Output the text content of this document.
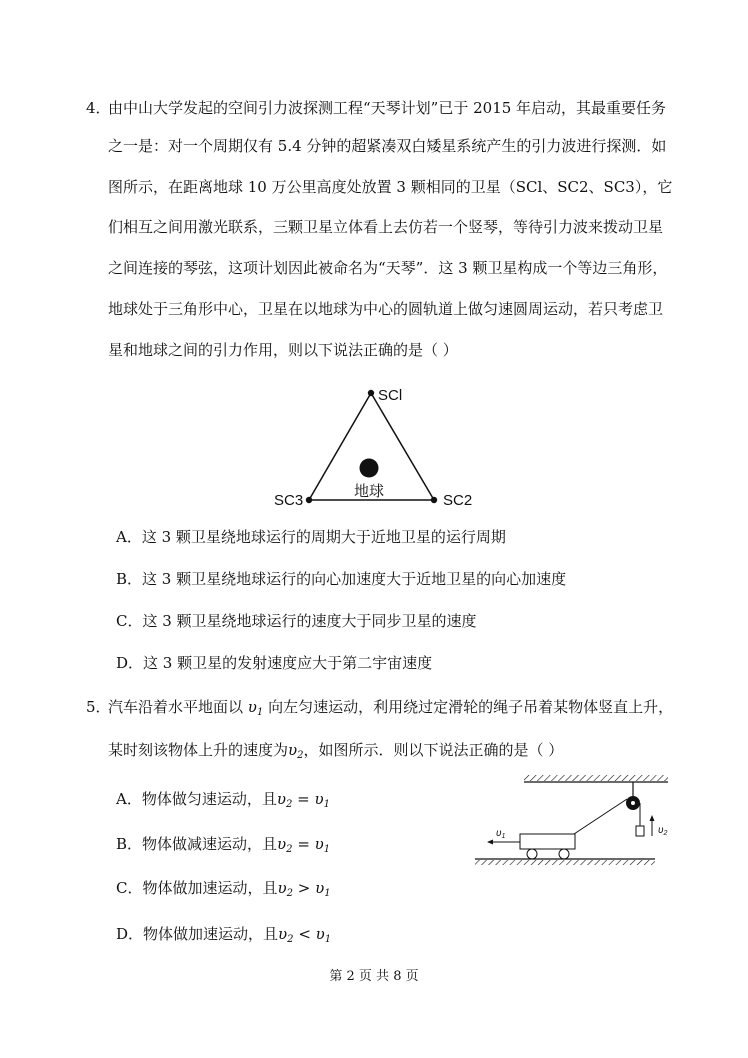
4．
由中山大学发起的空间引力波探测工程“天琴计划”已于 2015 年启动，其最重要任务
之一是：对一个周期仅有 5.4 分钟的超紧凑双白矮星系统产生的引力波进行探测．如
图所示，在距离地球 10 万公里高度处放置 3 颗相同的卫星（SCl、SC2、SC3），它
们相互之间用激光联系，三颗卫星立体看上去仿若一个竖琴，等待引力波来拨动卫星
之间连接的琴弦，这项计划因此被命名为“天琴”．这 3 颗卫星构成一个等边三角形，
地球处于三角形中心，卫星在以地球为中心的圆轨道上做匀速圆周运动，若只考虑卫
星和地球之间的引力作用，则以下说法正确的是（ ）
SCl
SC2
SC3
地球
A．这 3 颗卫星绕地球运行的周期大于近地卫星的运行周期
B．这 3 颗卫星绕地球运行的向心加速度大于近地卫星的向心加速度
C．这 3 颗卫星绕地球运行的速度大于同步卫星的速度
D．这 3 颗卫星的发射速度应大于第二宇宙速度
5．
汽车沿着水平地面以 $\upsilon_1$ 向左匀速运动，利用绕过定滑轮的绳子吊着某物体竖直上升，
某时刻该物体上升的速度为$\upsilon_2$，如图所示．则以下说法正确的是（ ）
A．物体做匀速运动，且$\upsilon_2 = \upsilon_1$
B．物体做减速运动，且$\upsilon_2 = \upsilon_1$
C．物体做加速运动，且$\upsilon_2 > \upsilon_1$
D．物体做加速运动，且$\upsilon_2 < \upsilon_1$
$\upsilon_2$
$\upsilon_1$
第 2 页 共 8 页
